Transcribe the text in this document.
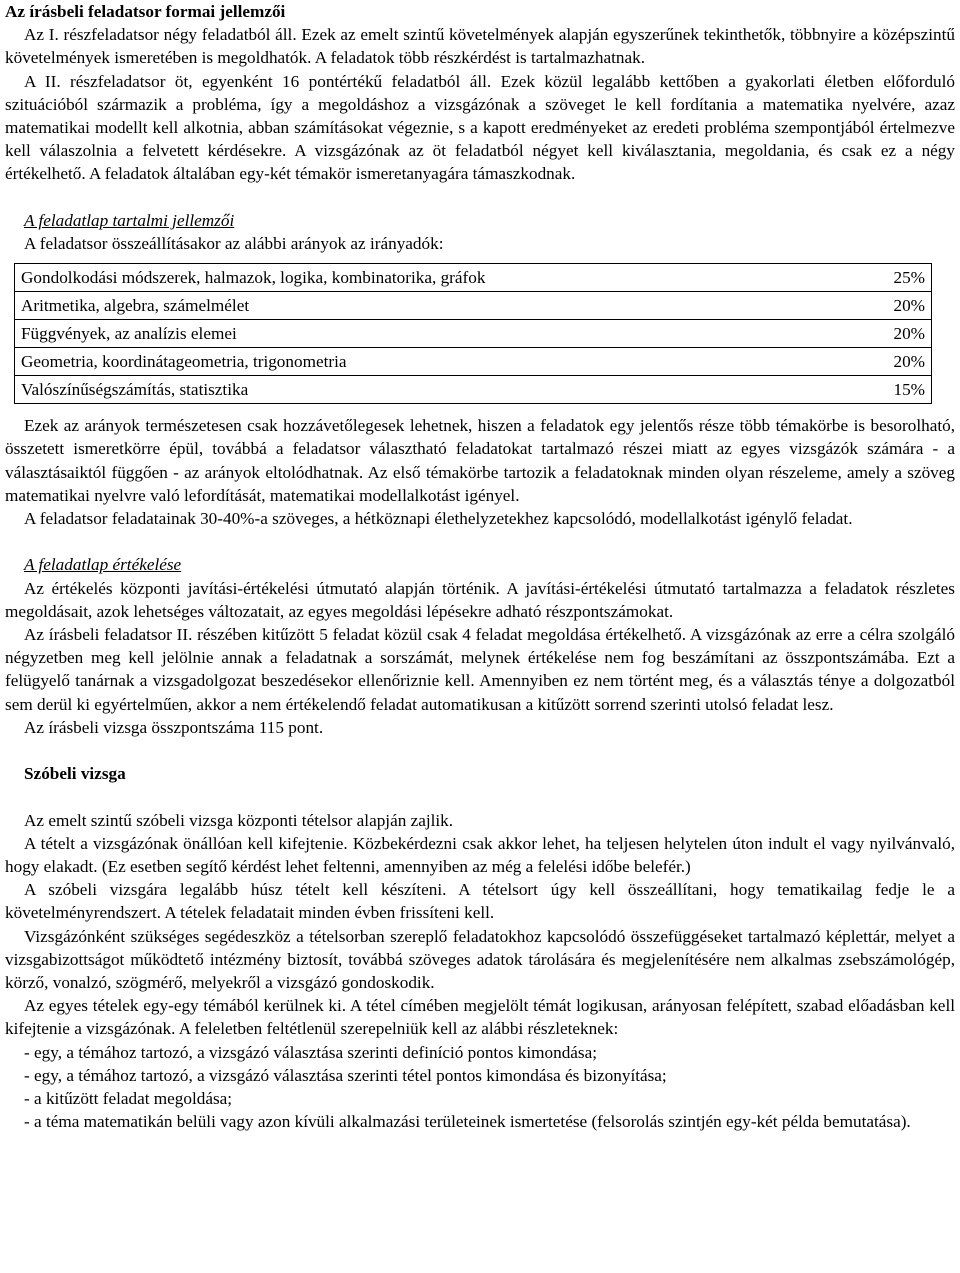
Az írásbeli feladatsor formai jellemzői

Az I. részfeladatsor négy feladatból áll. Ezek az emelt szintű követelmények alapján egyszerűnek tekinthetők, többnyire a középszintű követelmények ismeretében is megoldhatók. A feladatok több részkérdést is tartalmazhatnak.

A II. részfeladatsor öt, egyenként 16 pontértékű feladatból áll. Ezek közül legalább kettőben a gyakorlati életben előforduló szituációból származik a probléma, így a megoldáshoz a vizsgázónak a szöveget le kell fordítania a matematika nyelvére, azaz matematikai modellt kell alkotnia, abban számításokat végeznie, s a kapott eredményeket az eredeti probléma szempontjából értelmezve kell válaszolnia a felvetett kérdésekre. A vizsgázónak az öt feladatból négyet kell kiválasztania, megoldania, és csak ez a négy értékelhető. A feladatok általában egy-két témakör ismeretanyagára támaszkodnak.

A feladatlap tartalmi jellemzői

A feladatsor összeállításakor az alábbi arányok az irányadók:

Gondolkodási módszerek, halmazok, logika, kombinatorika, gráfok	25%
Aritmetika, algebra, számelmélet	20%
Függvények, az analízis elemei	20%
Geometria, koordinátageometria, trigonometria	20%
Valószínűségszámítás, statisztika	15%

Ezek az arányok természetesen csak hozzávetőlegesek lehetnek, hiszen a feladatok egy jelentős része több témakörbe is besorolható, összetett ismeretkörre épül, továbbá a feladatsor választható feladatokat tartalmazó részei miatt az egyes vizsgázók számára - a választásaiktól függően - az arányok eltolódhatnak. Az első témakörbe tartozik a feladatoknak minden olyan részeleme, amely a szöveg matematikai nyelvre való lefordítását, matematikai modellalkotást igényel.

A feladatsor feladatainak 30-40%-a szöveges, a hétköznapi élethelyzetekhez kapcsolódó, modellalkotást igénylő feladat.

A feladatlap értékelése

Az értékelés központi javítási-értékelési útmutató alapján történik. A javítási-értékelési útmutató tartalmazza a feladatok részletes megoldásait, azok lehetséges változatait, az egyes megoldási lépésekre adható részpontszámokat.

Az írásbeli feladatsor II. részében kitűzött 5 feladat közül csak 4 feladat megoldása értékelhető. A vizsgázónak az erre a célra szolgáló négyzetben meg kell jelölnie annak a feladatnak a sorszámát, melynek értékelése nem fog beszámítani az összpontszámába. Ezt a felügyelő tanárnak a vizsgadolgozat beszedésekor ellenőriznie kell. Amennyiben ez nem történt meg, és a választás ténye a dolgozatból sem derül ki egyértelműen, akkor a nem értékelendő feladat automatikusan a kitűzött sorrend szerinti utolsó feladat lesz.

Az írásbeli vizsga összpontszáma 115 pont.

Szóbeli vizsga

Az emelt szintű szóbeli vizsga központi tételsor alapján zajlik.

A tételt a vizsgázónak önállóan kell kifejtenie. Közbekérdezni csak akkor lehet, ha teljesen helytelen úton indult el vagy nyilvánvaló, hogy elakadt. (Ez esetben segítő kérdést lehet feltenni, amennyiben az még a felelési időbe belefér.)

A szóbeli vizsgára legalább húsz tételt kell készíteni. A tételsort úgy kell összeállítani, hogy tematikailag fedje le a követelményrendszert. A tételek feladatait minden évben frissíteni kell.

Vizsgázónként szükséges segédeszköz a tételsorban szereplő feladatokhoz kapcsolódó összefüggéseket tartalmazó képlettár, melyet a vizsgabizottságot működtető intézmény biztosít, továbbá szöveges adatok tárolására és megjelenítésére nem alkalmas zsebszámológép, körző, vonalzó, szögmérő, melyekről a vizsgázó gondoskodik.

Az egyes tételek egy-egy témából kerülnek ki. A tétel címében megjelölt témát logikusan, arányosan felépített, szabad előadásban kell kifejtenie a vizsgázónak. A feleletben feltétlenül szerepelniük kell az alábbi részleteknek:

- egy, a témához tartozó, a vizsgázó választása szerinti definíció pontos kimondása;

- egy, a témához tartozó, a vizsgázó választása szerinti tétel pontos kimondása és bizonyítása;

- a kitűzött feladat megoldása;

- a téma matematikán belüli vagy azon kívüli alkalmazási területeinek ismertetése (felsorolás szintjén egy-két példa bemutatása).
